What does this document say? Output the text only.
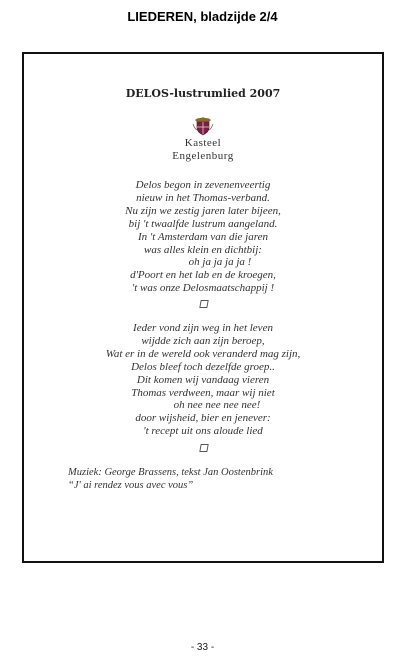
LIEDEREN, bladzijde 2/4
DELOS-lustrumlied 2007
Kasteel
Engelenburg
Delos begon in zevenenveertig
nieuw in het Thomas-verband.
Nu zijn we zestig jaren later bijeen,
bij 't twaalfde lustrum aangeland.
In 't Amsterdam van die jaren
was alles klein en dichtbij:
oh ja ja ja ja !
d'Poort en het lab en de kroegen,
't was onze Delosmaatschappij !
Ieder vond zijn weg in het leven
wijdde zich aan zijn beroep,
Wat er in de wereld ook veranderd mag zijn,
Delos bleef toch dezelfde groep..
Dit komen wij vandaag vieren
Thomas verdween, maar wij niet
oh nee nee nee nee!
door wijsheid, bier en jenever:
't recept uit ons aloude lied
Muziek: George Brassens, tekst Jan Oostenbrink
“J' ai rendez vous avec vous”
- 33 -
